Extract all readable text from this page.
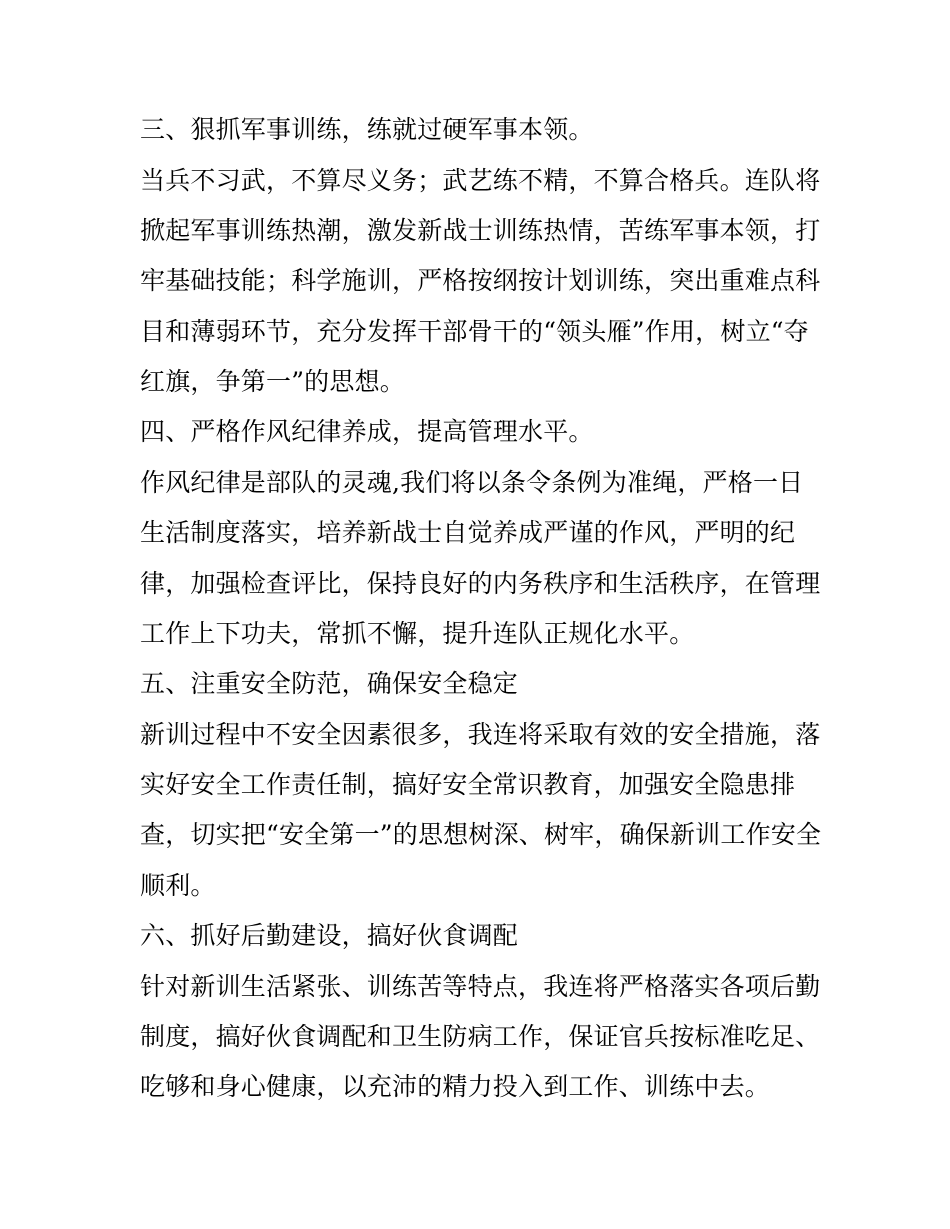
三、狠抓军事训练，练就过硬军事本领。
当兵不习武，不算尽义务；武艺练不精，不算合格兵。连队将
掀起军事训练热潮，激发新战士训练热情，苦练军事本领，打
牢基础技能；科学施训，严格按纲按计划训练，突出重难点科
目和薄弱环节，充分发挥干部骨干的“领头雁”作用，树立“夺
红旗，争第一”的思想。
四、严格作风纪律养成，提高管理水平。
作风纪律是部队的灵魂,我们将以条令条例为准绳，严格一日
生活制度落实，培养新战士自觉养成严谨的作风，严明的纪
律，加强检查评比，保持良好的内务秩序和生活秩序，在管理
工作上下功夫，常抓不懈，提升连队正规化水平。
五、注重安全防范，确保安全稳定
新训过程中不安全因素很多，我连将采取有效的安全措施，落
实好安全工作责任制，搞好安全常识教育，加强安全隐患排
查，切实把“安全第一”的思想树深、树牢，确保新训工作安全
顺利。
六、抓好后勤建设，搞好伙食调配
针对新训生活紧张、训练苦等特点，我连将严格落实各项后勤
制度，搞好伙食调配和卫生防病工作，保证官兵按标准吃足、
吃够和身心健康，以充沛的精力投入到工作、训练中去。
